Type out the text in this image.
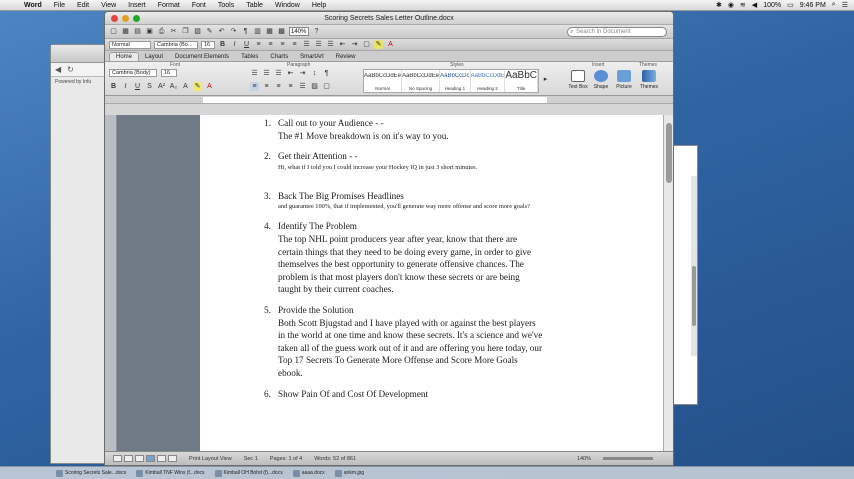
Word	File	Edit	View	Insert	Format	Font	Tools	Table	Window	Help	✱ ◉ ≋ ◀ 100% ▭ 9:46 PM ⌕ ☰
◀ ↻
Powered by Infu
Scoring Secrets Sales Letter Outline.docx
▢ ▦ ▤ ▣ ⎙ ✂ ❐ ▧ ✎ ↶ ↷	¶ ▥ ▦ ▩	140%	?
⌕	Search in Document
Normal	Cambria (Bo...	16	B	I	U	≡	≡	≡	≡ ☰ ☰ ☰ ⇤ ⇥ ▢ ✎ A
Home	Layout	Document Elements	Tables	Charts	SmartArt	Review
Font	Paragraph	Styles	Insert	Themes
Cambria (Body)	16
B	I	U	S A² A₂ A ✎ A
☰ ☰ ☰ ⇤ ⇥	↕	¶
≡	≡	≡	≡ ☰ ▨ ▢
AaBbCcDdEe
Normal
AaBbCcDdEe
No Spacing
AaBbCcDc
Heading 1
AaBbCcDdE
Heading 2
AaBbC
Title
▸
Text Box	Shape	Picture	Themes
1. Call out to your Audience - -
The #1 Move breakdown is on it's way to you.
2. Get their Attention - -
Hi, what if I told you I could increase your Hockey IQ in just 3 short minutes.
3. Back The Big Promises Headlines
and guarantee 100%, that if implemented, you'll generate way more offense and score more goals?
4. Identify The Problem
The top NHL point producers year after year, know that there are certain things that they need to be doing every game, in order to give themselves the best opportunity to generate offensive chances. The problem is that most players don't know these secrets or are being taught by their current coaches.
5. Provide the Solution
Both Scott Bjugstad and I have played with or against the best players in the world at one time and know these secrets. It's a science and we've taken all of the guess work out of it and are offering you here today, our Top 17 Secrets To Generate More Offense and Score More Goals ebook.
6. Show Pain Of and Cost Of Development
Print Layout View Sec 1 Pages: 1 of 4 Words: 52 of 861	140%
Scoring Secrets Sale...docx	Kimball TNF Wins (f...docx	Kimball OH Bohd (f)...docx	aaaa.docx	ankm.jpg
